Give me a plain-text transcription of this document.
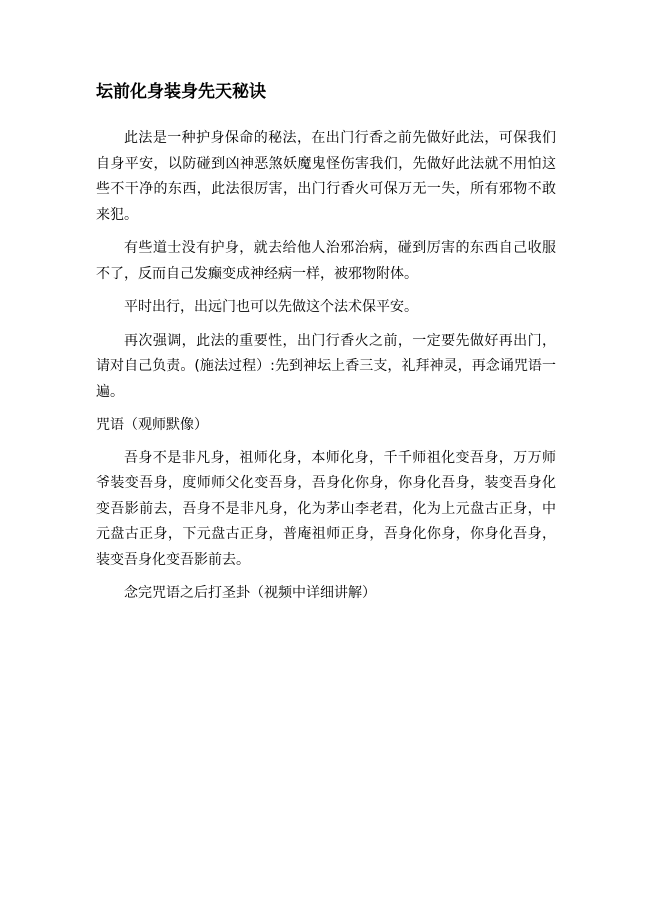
坛前化身装身先天秘诀

此法是一种护身保命的秘法，在出门行香之前先做好此法，可保我们自身平安，以防碰到凶神恶煞妖魔鬼怪伤害我们，先做好此法就不用怕这些不干净的东西，此法很厉害，出门行香火可保万无一失，所有邪物不敢来犯。

有些道士没有护身，就去给他人治邪治病，碰到厉害的东西自己收服不了，反而自己发癫变成神经病一样，被邪物附体。

平时出行，出远门也可以先做这个法术保平安。

再次强调，此法的重要性，出门行香火之前，一定要先做好再出门，请对自己负责。(施法过程）:先到神坛上香三支，礼拜神灵，再念诵咒语一遍。

咒语（观师默像）

吾身不是非凡身，祖师化身，本师化身，千千师祖化变吾身，万万师爷装变吾身，度师师父化变吾身，吾身化你身，你身化吾身，装变吾身化变吾影前去，吾身不是非凡身，化为茅山李老君，化为上元盘古正身，中元盘古正身，下元盘古正身，普庵祖师正身，吾身化你身，你身化吾身，装变吾身化变吾影前去。

念完咒语之后打圣卦（视频中详细讲解）
